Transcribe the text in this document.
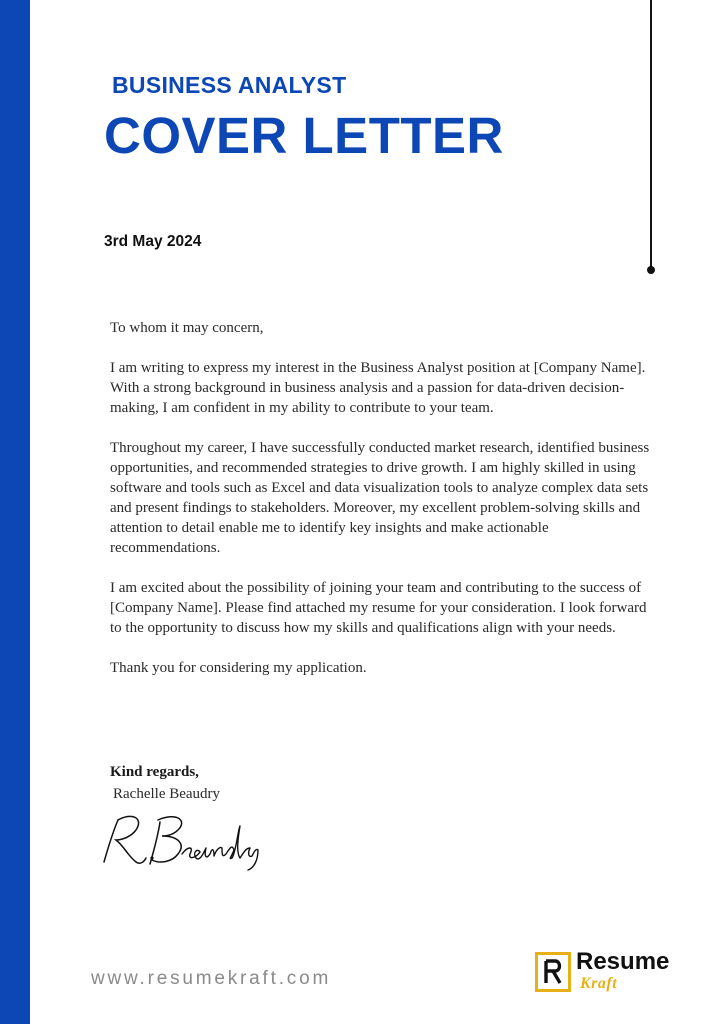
BUSINESS ANALYST
COVER LETTER
3rd May 2024

To whom it may concern,

I am writing to express my interest in the Business Analyst position at [Company Name]. With a strong background in business analysis and a passion for data-driven decision-making, I am confident in my ability to contribute to your team.

Throughout my career, I have successfully conducted market research, identified business opportunities, and recommended strategies to drive growth. I am highly skilled in using software and tools such as Excel and data visualization tools to analyze complex data sets and present findings to stakeholders. Moreover, my excellent problem-solving skills and attention to detail enable me to identify key insights and make actionable recommendations.

I am excited about the possibility of joining your team and contributing to the success of [Company Name]. Please find attached my resume for your consideration. I look forward to the opportunity to discuss how my skills and qualifications align with your needs.

Thank you for considering my application.

Kind regards,
Rachelle Beaudry
www.resumekraft.com
Resume
Kraft
